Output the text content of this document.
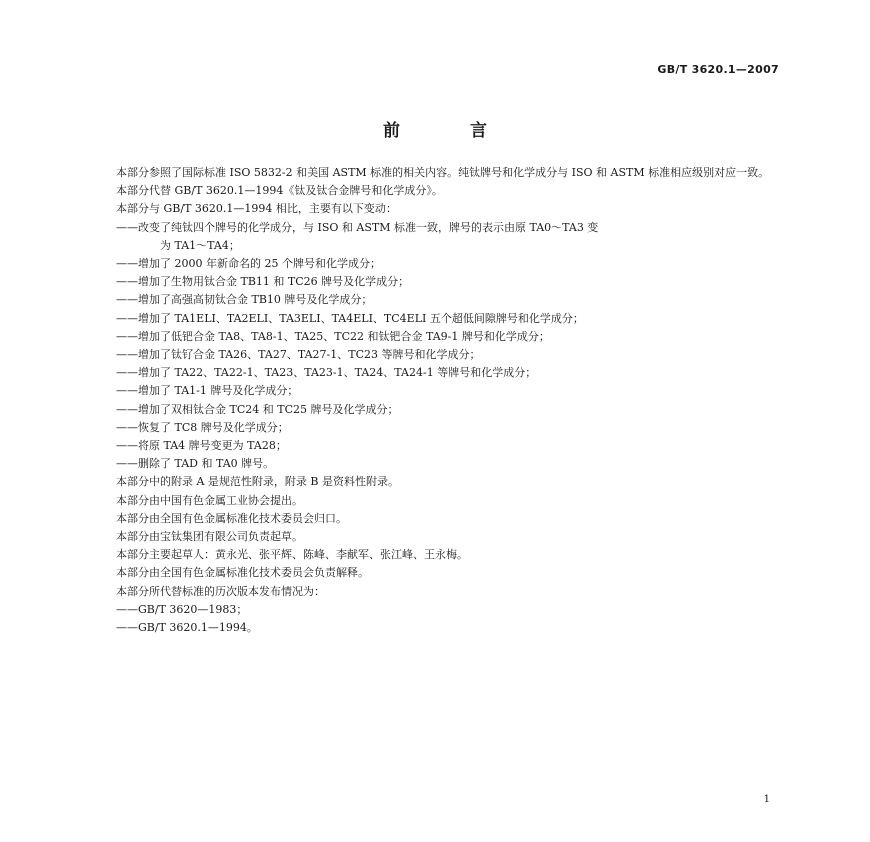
GB/T 3620.1—2007
前 言

本部分参照了国际标准 ISO 5832-2 和美国 ASTM 标准的相关内容。纯钛牌号和化学成分与 ISO 和 ASTM 标准相应级别对应一致。

本部分代替 GB/T 3620.1—1994《钛及钛合金牌号和化学成分》。

本部分与 GB/T 3620.1—1994 相比，主要有以下变动：

——改变了纯钛四个牌号的化学成分，与 ISO 和 ASTM 标准一致，牌号的表示由原 TA0～TA3 变
为 TA1～TA4；

——增加了 2000 年新命名的 25 个牌号和化学成分；

——增加了生物用钛合金 TB11 和 TC26 牌号及化学成分；

——增加了高强高韧钛合金 TB10 牌号及化学成分；

——增加了 TA1ELI、TA2ELI、TA3ELI、TA4ELI、TC4ELI 五个超低间隙牌号和化学成分；

——增加了低钯合金 TA8、TA8-1、TA25、TC22 和钛钯合金 TA9-1 牌号和化学成分；

——增加了钛钌合金 TA26、TA27、TA27-1、TC23 等牌号和化学成分；

——增加了 TA22、TA22-1、TA23、TA23-1、TA24、TA24-1 等牌号和化学成分；

——增加了 TA1-1 牌号及化学成分；

——增加了双相钛合金 TC24 和 TC25 牌号及化学成分；

——恢复了 TC8 牌号及化学成分；

——将原 TA4 牌号变更为 TA28；

——删除了 TAD 和 TA0 牌号。

本部分中的附录 A 是规范性附录，附录 B 是资料性附录。

本部分由中国有色金属工业协会提出。

本部分由全国有色金属标准化技术委员会归口。

本部分由宝钛集团有限公司负责起草。

本部分主要起草人：黄永光、张平辉、陈峰、李献军、张江峰、王永梅。

本部分由全国有色金属标准化技术委员会负责解释。

本部分所代替标准的历次版本发布情况为：

——GB/T 3620—1983；

——GB/T 3620.1—1994。

1
